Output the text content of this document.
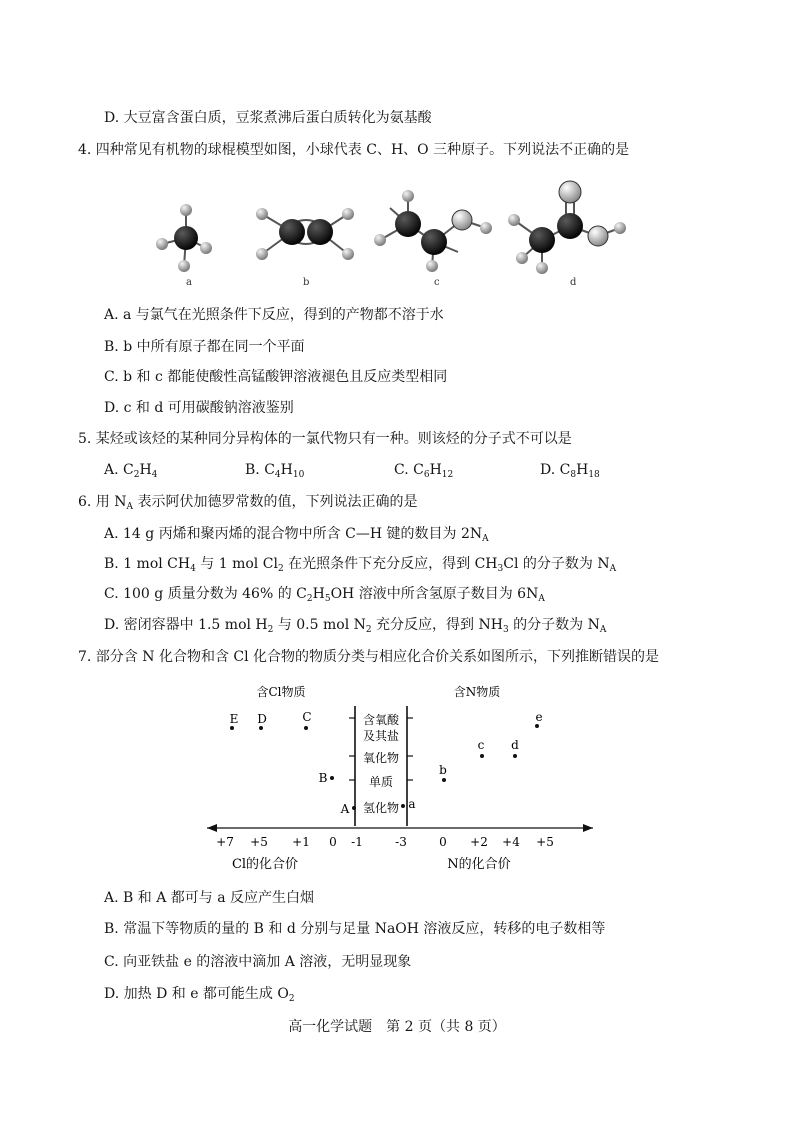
D. 大豆富含蛋白质，豆浆煮沸后蛋白质转化为氨基酸
4. 四种常见有机物的球棍模型如图，小球代表 C、H、O 三种原子。下列说法不正确的是
a	b	c	d
A. a 与氯气在光照条件下反应，得到的产物都不溶于水
B. b 中所有原子都在同一个平面
C. b 和 c 都能使酸性高锰酸钾溶液褪色且反应类型相同
D. c 和 d 可用碳酸钠溶液鉴别
5. 某烃或该烃的某种同分异构体的一氯代物只有一种。则该烃的分子式不可以是
A. $C_2H_4$	B. $C_4H_{10}$	C. $C_6H_{12}$	D. $C_8H_{18}$
6. 用 $N_A$ 表示阿伏加德罗常数的值，下列说法正确的是
A. 14 g 丙烯和聚丙烯的混合物中所含 C—H 键的数目为 $2N_A$
B. 1 mol $CH_4$ 与 1 mol $Cl_2$ 在光照条件下充分反应，得到 $CH_3Cl$ 的分子数为 $N_A$
C. 100 g 质量分数为 46% 的 $C_2H_5OH$ 溶液中所含氢原子数目为 $6N_A$
D. 密闭容器中 1.5 mol $H_2$ 与 0.5 mol $N_2$ 充分反应，得到 $NH_3$ 的分子数为 $N_A$
7. 部分含 N 化合物和含 Cl 化合物的物质分类与相应化合价关系如图所示，下列推断错误的是
含Cl物质	含N物质
含氧酸
及其盐
氧化物
单质
氢化物
+7 +5 +1 0 -1	-3	0 +2 +4 +5
Cl的化合价	N的化合价
E D	C
B
A	a
b
c d
e
A. B 和 A 都可与 a 反应产生白烟
B. 常温下等物质的量的 B 和 d 分别与足量 NaOH 溶液反应，转移的电子数相等
C. 向亚铁盐 e 的溶液中滴加 A 溶液，无明显现象
D. 加热 D 和 e 都可能生成 $O_2$
高一化学试题　第 2 页（共 8 页）
